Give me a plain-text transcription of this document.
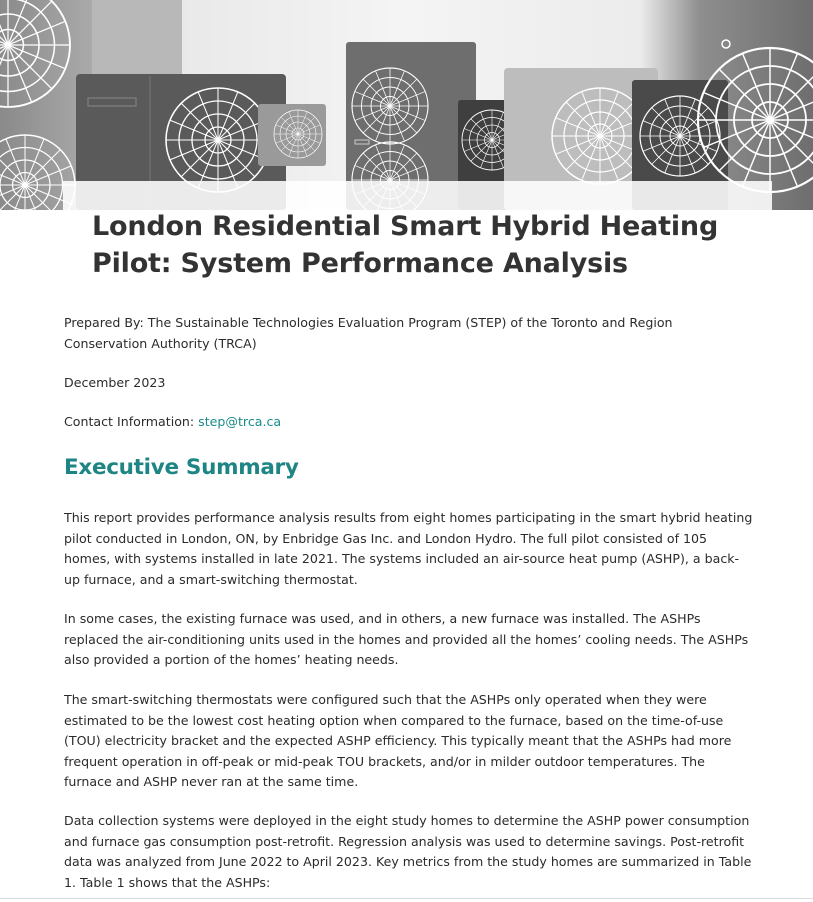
London Residential Smart Hybrid Heating Pilot: System Performance Analysis

Prepared By: The Sustainable Technologies Evaluation Program (STEP) of the Toronto and Region Conservation Authority (TRCA)

December 2023

Contact Information: step@trca.ca

Executive Summary

This report provides performance analysis results from eight homes participating in the smart hybrid heating pilot conducted in London, ON, by Enbridge Gas Inc. and London Hydro. The full pilot consisted of 105 homes, with systems installed in late 2021. The systems included an air-source heat pump (ASHP), a back-up furnace, and a smart-switching thermostat.

In some cases, the existing furnace was used, and in others, a new furnace was installed. The ASHPs replaced the air-conditioning units used in the homes and provided all the homes’ cooling needs. The ASHPs also provided a portion of the homes’ heating needs.

The smart-switching thermostats were configured such that the ASHPs only operated when they were estimated to be the lowest cost heating option when compared to the furnace, based on the time-of-use (TOU) electricity bracket and the expected ASHP efficiency. This typically meant that the ASHPs had more frequent operation in off-peak or mid-peak TOU brackets, and/or in milder outdoor temperatures. The furnace and ASHP never ran at the same time.

Data collection systems were deployed in the eight study homes to determine the ASHP power consumption and furnace gas consumption post-retrofit. Regression analysis was used to determine savings. Post-retrofit data was analyzed from June 2022 to April 2023. Key metrics from the study homes are summarized in Table 1. Table 1 shows that the ASHPs:
